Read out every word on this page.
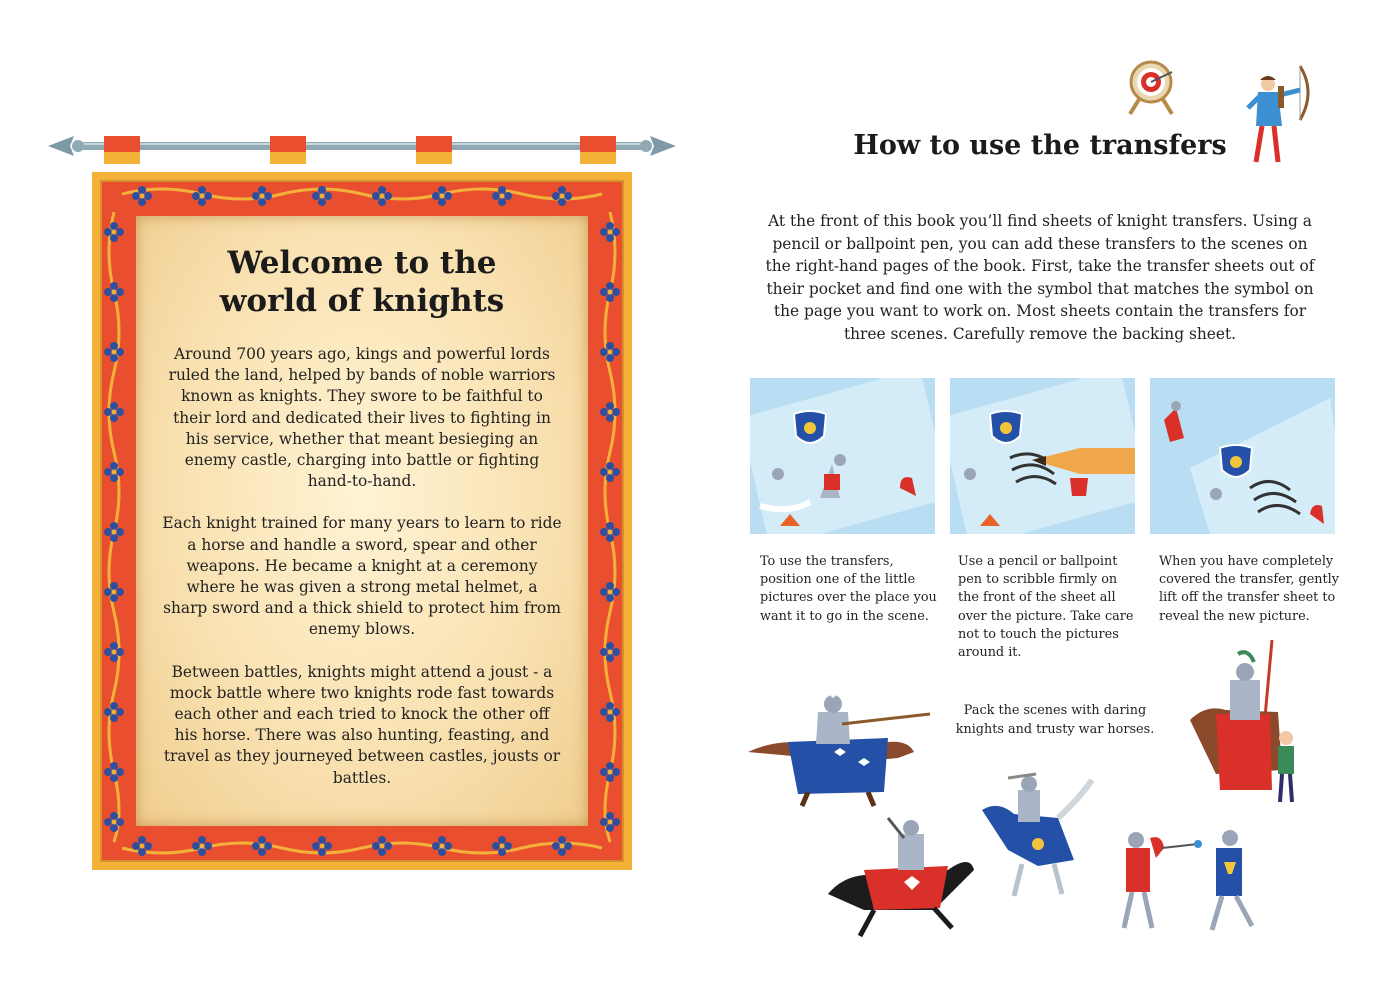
Welcome to the
world of knights

Around 700 years ago, kings and powerful lords ruled the land, helped by bands of noble warriors known as knights. They swore to be faithful to their lord and dedicated their lives to fighting in his service, whether that meant besieging an enemy castle, charging into battle or fighting hand-to-hand.

Each knight trained for many years to learn to ride a horse and handle a sword, spear and other weapons. He became a knight at a ceremony where he was given a strong metal helmet, a sharp sword and a thick shield to protect him from enemy blows.

Between battles, knights might attend a joust - a mock battle where two knights rode fast towards each other and each tried to knock the other off his horse. There was also hunting, feasting, and travel as they journeyed between castles, jousts or battles.

How to use the transfers

At the front of this book you’ll find sheets of knight transfers. Using a pencil or ballpoint pen, you can add these transfers to the scenes on the right-hand pages of the book. First, take the transfer sheets out of their pocket and find one with the symbol that matches the symbol on the page you want to work on. Most sheets contain the transfers for three scenes. Carefully remove the backing sheet.

To use the transfers, position one of the little pictures over the place you want it to go in the scene.

Use a pencil or ballpoint pen to scribble firmly on the front of the sheet all over the picture. Take care not to touch the pictures around it.

When you have completely covered the transfer, gently lift off the transfer sheet to reveal the new picture.

Pack the scenes with daring knights and trusty war horses.
